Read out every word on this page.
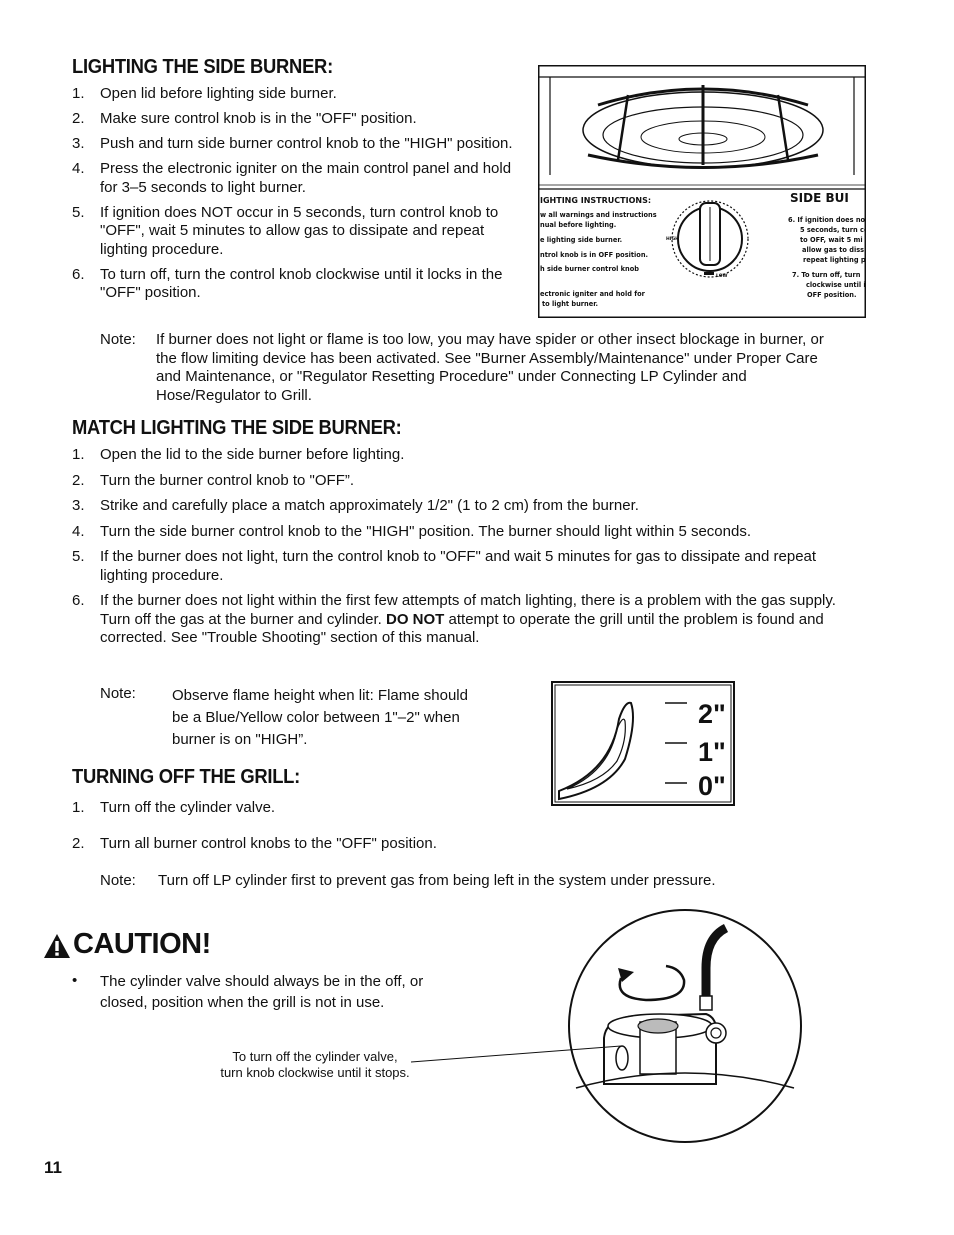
LIGHTING THE SIDE BURNER:
1. Open lid before lighting side burner.
2. Make sure control knob is in the "OFF" position.
3. Push and turn side burner control knob to the "HIGH" position.
4. Press the electronic igniter on the main control panel and hold for 3–5 seconds to light burner.
5. If ignition does NOT occur in 5 seconds, turn control knob to "OFF", wait 5 minutes to allow gas to dissipate and repeat lighting procedure.
6. To turn off, turn the control knob clockwise until it locks in the "OFF" position.
IGHTING INSTRUCTIONS:
w all warnings and instructions
nual before lighting.
e lighting side burner.
ntrol knob is in OFF position.
h side burner control knob
ectronic igniter and hold for
to light burner.
HIGH
LOW
SIDE BUI
6. If ignition does no
5 seconds, turn co
to OFF, wait 5 mi
allow gas to dissi
repeat lighting p
7. To turn off, turn
clockwise until i
OFF position.
Note: If burner does not light or flame is too low, you may have spider or other insect blockage in burner, or the flow limiting device has been activated. See "Burner Assembly/Maintenance" under Proper Care and Maintenance, or "Regulator Resetting Procedure" under Connecting LP Cylinder and Hose/Regulator to Grill.
MATCH LIGHTING THE SIDE BURNER:
1. Open the lid to the side burner before lighting.
2. Turn the burner control knob to "OFF”.
3. Strike and carefully place a match approximately 1/2" (1 to 2 cm) from the burner.
4. Turn the side burner control knob to the "HIGH" position. The burner should light within 5 seconds.
5. If the burner does not light, turn the control knob to "OFF" and wait 5 minutes for gas to dissipate and repeat lighting procedure.
6. If the burner does not light within the first few attempts of match lighting, there is a problem with the gas supply. Turn off the gas at the burner and cylinder. DO NOT attempt to operate the grill until the problem is found and corrected. See "Trouble Shooting" section of this manual.
Note: Observe flame height when lit: Flame should be a Blue/Yellow color between 1"–2" when burner is on "HIGH”.
2"
1"
0"
TURNING OFF THE GRILL:
1. Turn off the cylinder valve.
2. Turn all burner control knobs to the "OFF" position.
Note: Turn off LP cylinder first to prevent gas from being left in the system under pressure.
CAUTION!
• The cylinder valve should always be in the off, or closed, position when the grill is not in use.
To turn off the cylinder valve,
turn knob clockwise until it stops.
11
